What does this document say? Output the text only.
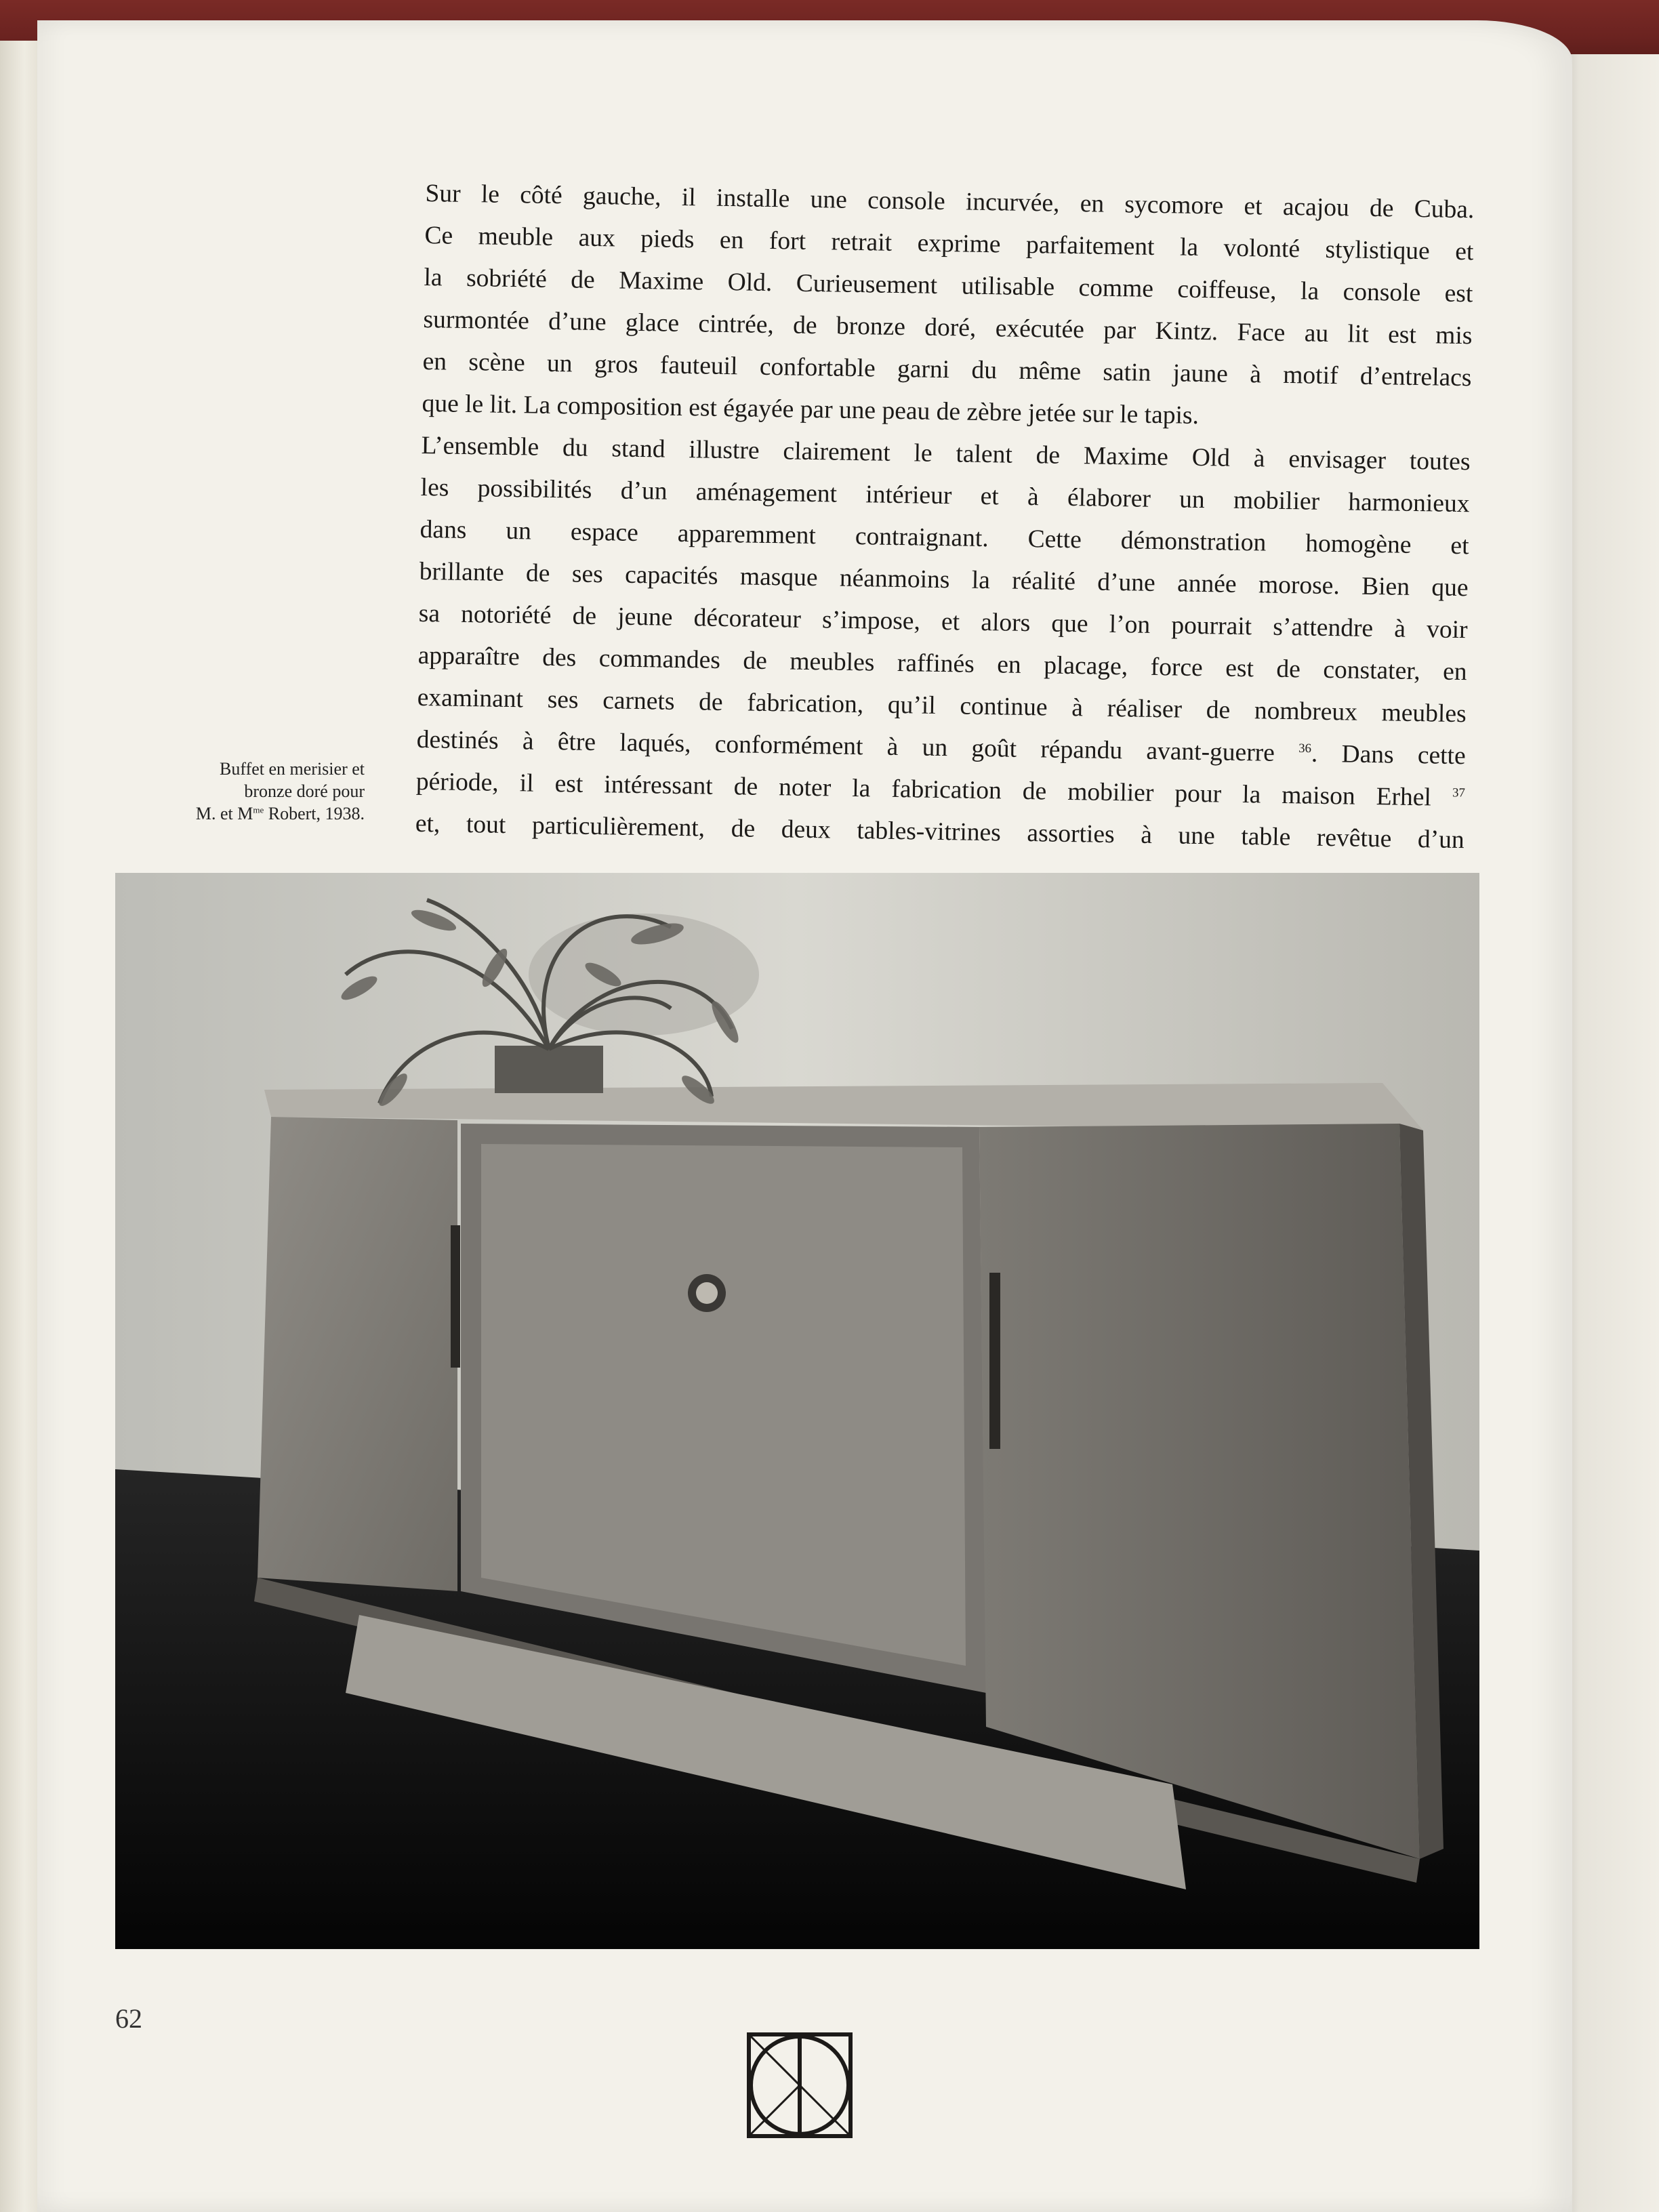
Sur le côté gauche, il installe une console incurvée, en sycomore et acajou de Cuba.
Ce meuble aux pieds en fort retrait exprime parfaitement la volonté stylistique et
la sobriété de Maxime Old. Curieusement utilisable comme coiffeuse, la console est
surmontée d’une glace cintrée, de bronze doré, exécutée par Kintz. Face au lit est mis
en scène un gros fauteuil confortable garni du même satin jaune à motif d’entrelacs
que le lit. La composition est égayée par une peau de zèbre jetée sur le tapis.
L’ensemble du stand illustre clairement le talent de Maxime Old à envisager toutes
les possibilités d’un aménagement intérieur et à élaborer un mobilier harmonieux
dans un espace apparemment contraignant. Cette démonstration homogène et
brillante de ses capacités masque néanmoins la réalité d’une année morose. Bien que
sa notoriété de jeune décorateur s’impose, et alors que l’on pourrait s’attendre à voir
apparaître des commandes de meubles raffinés en placage, force est de constater, en
examinant ses carnets de fabrication, qu’il continue à réaliser de nombreux meubles
destinés à être laqués, conformément à un goût répandu avant-guerre $^{36}$. Dans cette
période, il est intéressant de noter la fabrication de mobilier pour la maison Erhel $^{37}$
et, tout particulièrement, de deux tables-vitrines assorties à une table revêtue d’un
Buffet en merisier et
bronze doré pour
M. et M$^{me}$ Robert, 1938.
62
